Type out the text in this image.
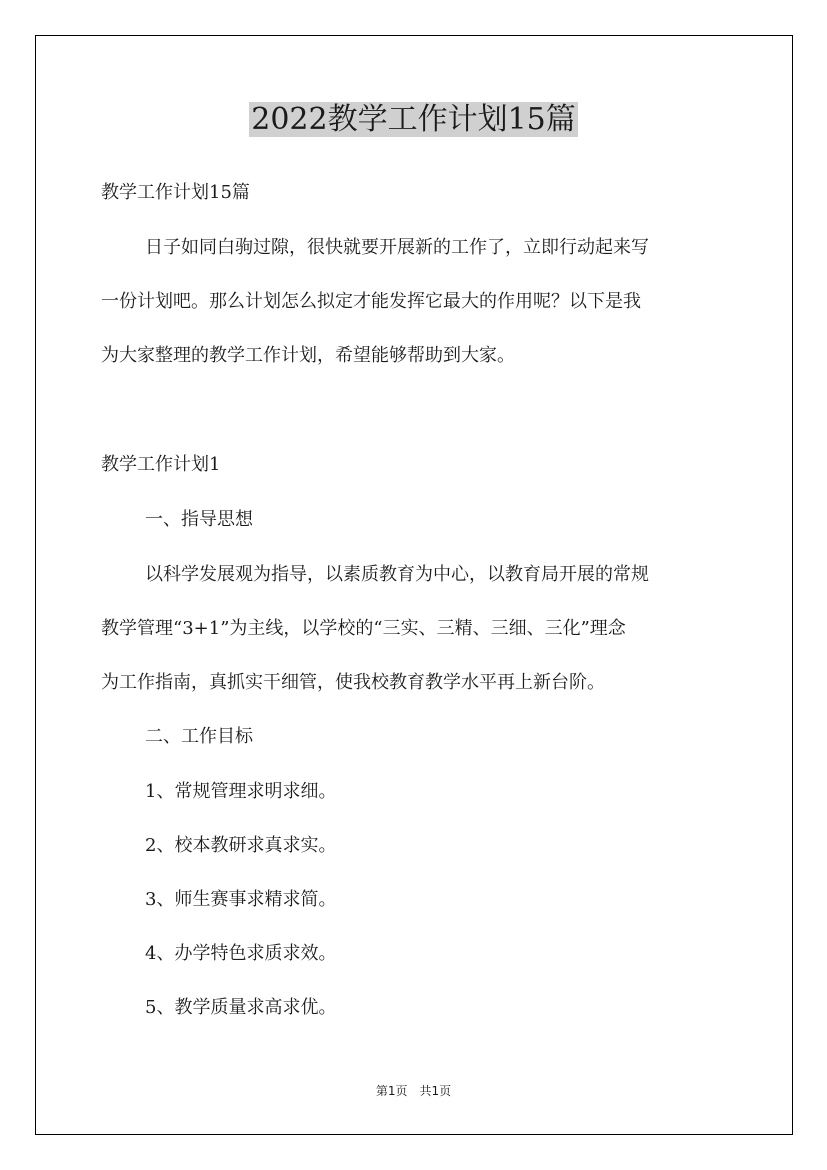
2022教学工作计划15篇

教学工作计划15篇

日子如同白驹过隙，很快就要开展新的工作了，立即行动起来写

一份计划吧。那么计划怎么拟定才能发挥它最大的作用呢？以下是我

为大家整理的教学工作计划，希望能够帮助到大家。

教学工作计划1

一、指导思想

以科学发展观为指导，以素质教育为中心，以教育局开展的常规

教学管理“3+1”为主线，以学校的“三实、三精、三细、三化”理念

为工作指南，真抓实干细管，使我校教育教学水平再上新台阶。

二、工作目标

1、常规管理求明求细。

2、校本教研求真求实。

3、师生赛事求精求简。

4、办学特色求质求效。

5、教学质量求高求优。

第1页　共1页
